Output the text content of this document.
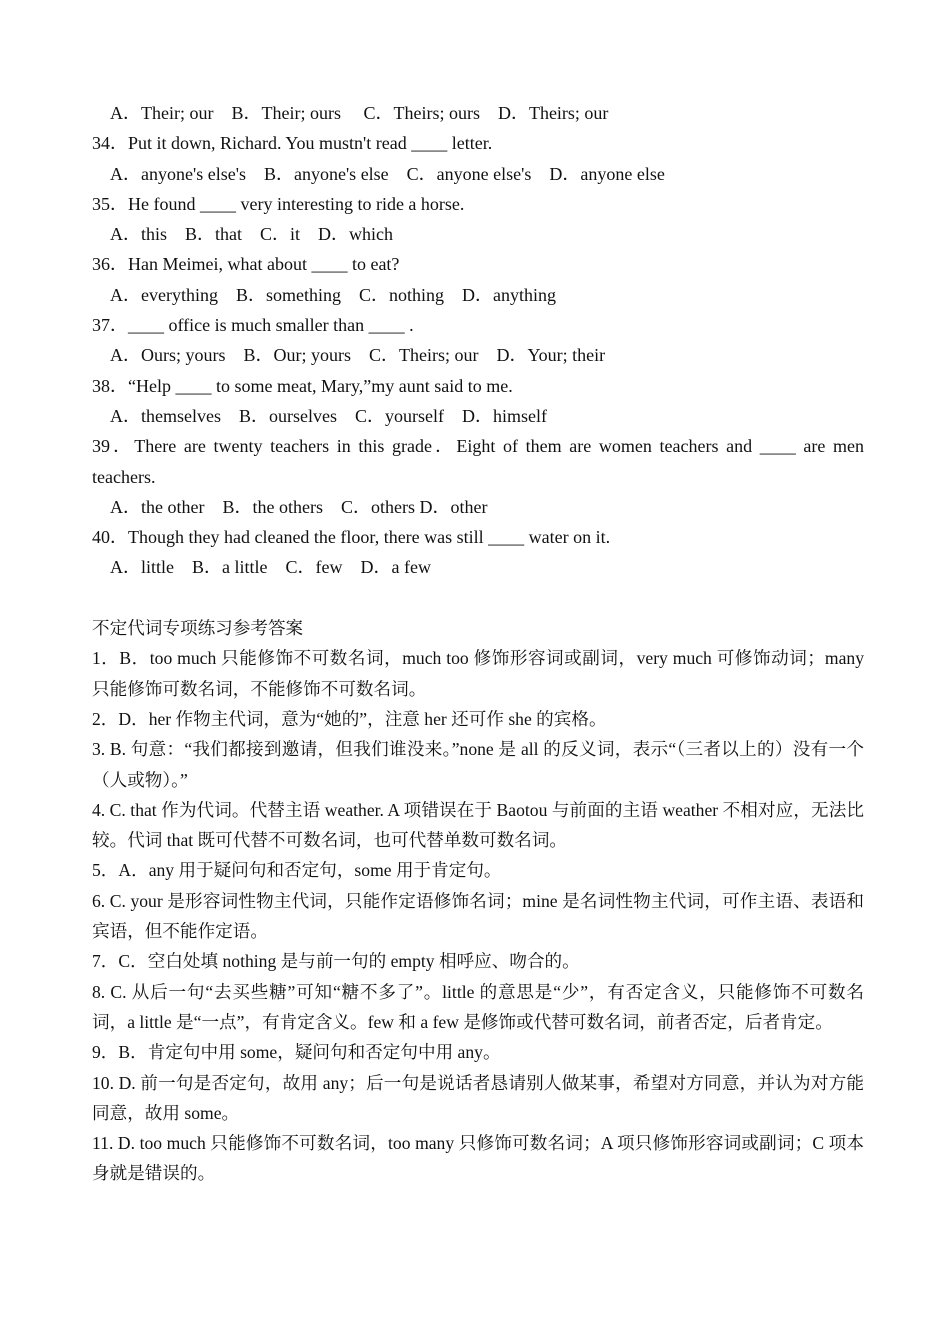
A．Their; our　B．Their; ours　 C．Theirs; ours　D．Theirs; our
34．Put it down, Richard. You mustn't read ____ letter.
A．anyone's else's　B．anyone's else　C．anyone else's　D．anyone else
35．He found ____ very interesting to ride a horse.
A．this　B．that　C．it　D．which
36．Han Meimei, what about ____ to eat?
A．everything　B．something　C．nothing　D．anything
37．____ office is much smaller than ____ .
A．Ours; yours　B．Our; yours　C．Theirs; our　D．Your; their
38．“Help ____ to some meat, Mary,”my aunt said to me.
A．themselves　B．ourselves　C．yourself　D．himself
39．There are twenty teachers in this grade．Eight of them are women teachers and ____ are men teachers.
A．the other　B．the others　C．others D．other
40．Though they had cleaned the floor, there was still ____ water on it.
A．little　B．a little　C．few　D．a few
不定代词专项练习参考答案
1．B．too much 只能修饰不可数名词，much too 修饰形容词或副词，very much 可修饰动词；many 只能修饰可数名词，不能修饰不可数名词。
2．D．her 作物主代词，意为“她的”，注意 her 还可作 she 的宾格。
3. B. 句意：“我们都接到邀请，但我们谁没来。”none 是 all 的反义词，表示“（三者以上的）没有一个（人或物）。”
4. C. that 作为代词。代替主语 weather. A 项错误在于 Baotou 与前面的主语 weather 不相对应，无法比较。代词 that 既可代替不可数名词，也可代替单数可数名词。
5．A．any 用于疑问句和否定句，some 用于肯定句。
6. C. your 是形容词性物主代词，只能作定语修饰名词；mine 是名词性物主代词，可作主语、表语和宾语，但不能作定语。
7．C．空白处填 nothing 是与前一句的 empty 相呼应、吻合的。
8. C. 从后一句“去买些糖”可知“糖不多了”。little 的意思是“少”，有否定含义，只能修饰不可数名词，a little 是“一点”，有肯定含义。few 和 a few 是修饰或代替可数名词，前者否定，后者肯定。
9．B．肯定句中用 some，疑问句和否定句中用 any。
10. D. 前一句是否定句，故用 any；后一句是说话者恳请别人做某事，希望对方同意，并认为对方能同意，故用 some。
11. D. too much 只能修饰不可数名词，too many 只修饰可数名词；A 项只修饰形容词或副词；C 项本身就是错误的。
